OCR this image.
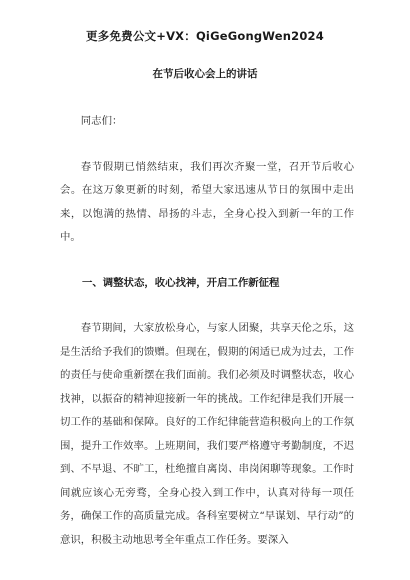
更多免费公文+VX：QiGeGongWen2024
在节后收心会上的讲话

同志们：

春节假期已悄然结束，我们再次齐聚一堂，召开节后收心会。在这万象更新的时刻，希望大家迅速从节日的氛围中走出来，以饱满的热情、昂扬的斗志，全身心投入到新一年的工作中。

一、调整状态，收心找神，开启工作新征程

春节期间，大家放松身心，与家人团聚，共享天伦之乐，这是生活给予我们的馈赠。但现在，假期的闲适已成为过去，工作的责任与使命重新摆在我们面前。我们必须及时调整状态，收心找神，以振奋的精神迎接新一年的挑战。工作纪律是我们开展一切工作的基础和保障。良好的工作纪律能营造积极向上的工作氛围，提升工作效率。上班期间，我们要严格遵守考勤制度，不迟到、不早退、不旷工，杜绝擅自离岗、串岗闲聊等现象。工作时间就应该心无旁骛，全身心投入到工作中，认真对待每一项任务，确保工作的高质量完成。各科室要树立“早谋划、早行动”的意识，积极主动地思考全年重点工作任务。要深入
